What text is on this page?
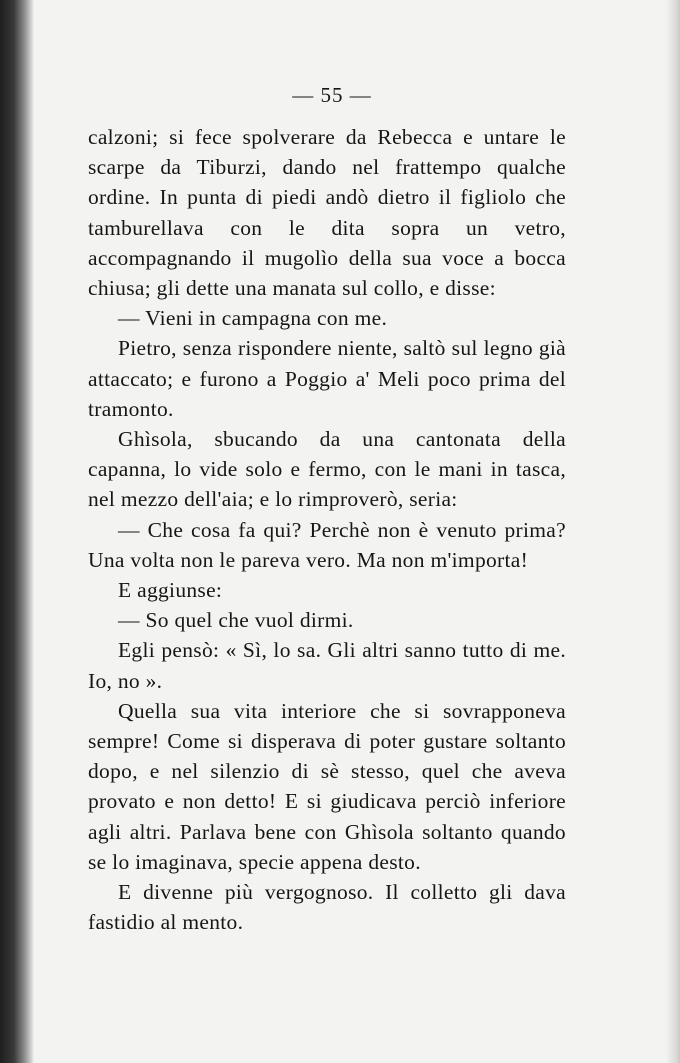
— 55 —

calzoni; si fece spolverare da Rebecca e untare le scarpe da Tiburzi, dando nel frattempo qualche ordine. In punta di piedi andò dietro il figliolo che tamburellava con le dita sopra un vetro, accompagnando il mugolìo della sua voce a bocca chiusa; gli dette una manata sul collo, e disse:

— Vieni in campagna con me.

Pietro, senza rispondere niente, saltò sul legno già attaccato; e furono a Poggio a' Meli poco prima del tramonto.

Ghìsola, sbucando da una cantonata della capanna, lo vide solo e fermo, con le mani in tasca, nel mezzo dell'aia; e lo rimproverò, seria:

— Che cosa fa qui? Perchè non è venuto prima? Una volta non le pareva vero. Ma non m'importa!

E aggiunse:

— So quel che vuol dirmi.

Egli pensò: « Sì, lo sa. Gli altri sanno tutto di me. Io, no ».

Quella sua vita interiore che si sovrapponeva sempre! Come si disperava di poter gustare soltanto dopo, e nel silenzio di sè stesso, quel che aveva provato e non detto! E si giudicava perciò inferiore agli altri. Parlava bene con Ghìsola soltanto quando se lo imaginava, specie appena desto.

E divenne più vergognoso. Il colletto gli dava fastidio al mento.
